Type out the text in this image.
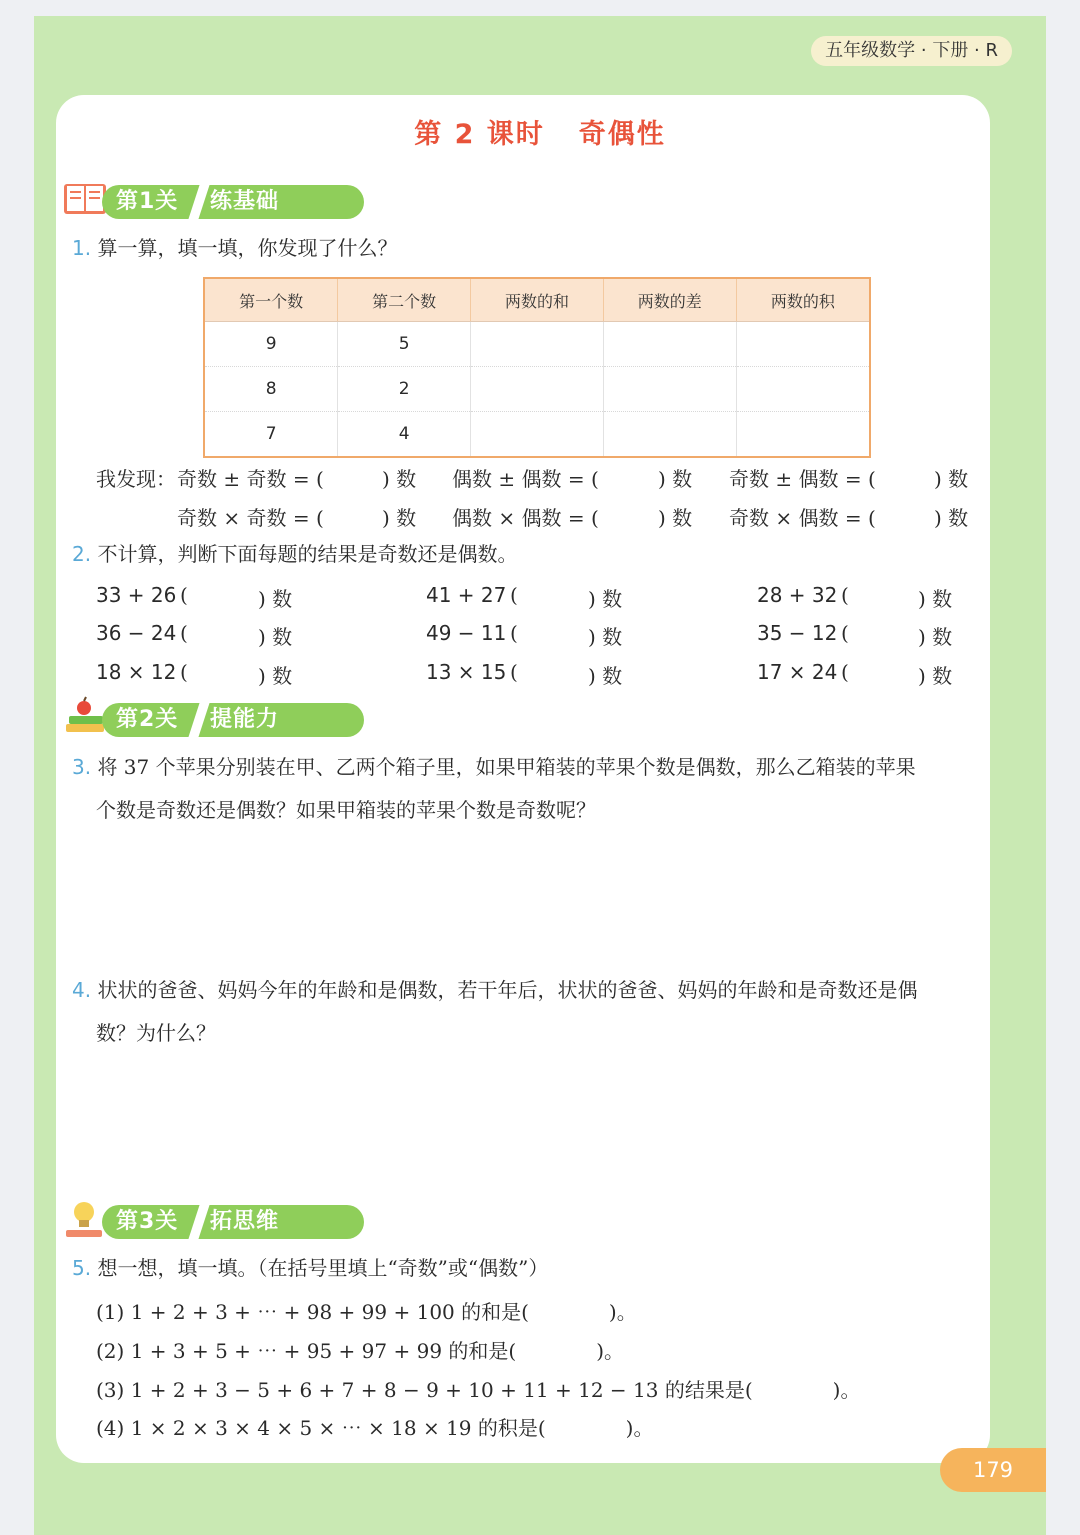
五年级数学 · 下册 · R
第 2 课时 奇偶性
第1关 练基础
1. 算一算，填一填，你发现了什么？
第一个数	第二个数	两数的和	两数的差	两数的积
9	5			
8	2			
7	4			
我发现： 奇数 ± 奇数 = (	) 数 偶数 ± 偶数 = (	) 数 奇数 ± 偶数 = (	) 数
奇数 × 奇数 = (	) 数 偶数 × 偶数 = (	) 数 奇数 × 偶数 = (	) 数
2. 不计算，判断下面每题的结果是奇数还是偶数。
33 + 26 (	) 数	41 + 27 (	) 数	28 + 32 (	) 数
36 − 24 (	) 数	49 − 11 (	) 数	35 − 12 (	) 数
18 × 12 (	) 数	13 × 15 (	) 数	17 × 24 (	) 数
第2关 提能力
3. 将 37 个苹果分别装在甲、乙两个箱子里，如果甲箱装的苹果个数是偶数，那么乙箱装的苹果
个数是奇数还是偶数？如果甲箱装的苹果个数是奇数呢？
4. 状状的爸爸、妈妈今年的年龄和是偶数，若干年后，状状的爸爸、妈妈的年龄和是奇数还是偶
数？为什么？
第3关 拓思维
5. 想一想，填一填。（在括号里填上“奇数”或“偶数”）
(1) 1 + 2 + 3 + ⋯ + 98 + 99 + 100 的和是(　　　　)。
(2) 1 + 3 + 5 + ⋯ + 95 + 97 + 99 的和是(　　　　)。
(3) 1 + 2 + 3 − 5 + 6 + 7 + 8 − 9 + 10 + 11 + 12 − 13 的结果是(　　　　)。
(4) 1 × 2 × 3 × 4 × 5 × ⋯ × 18 × 19 的积是(　　　　)。
179
